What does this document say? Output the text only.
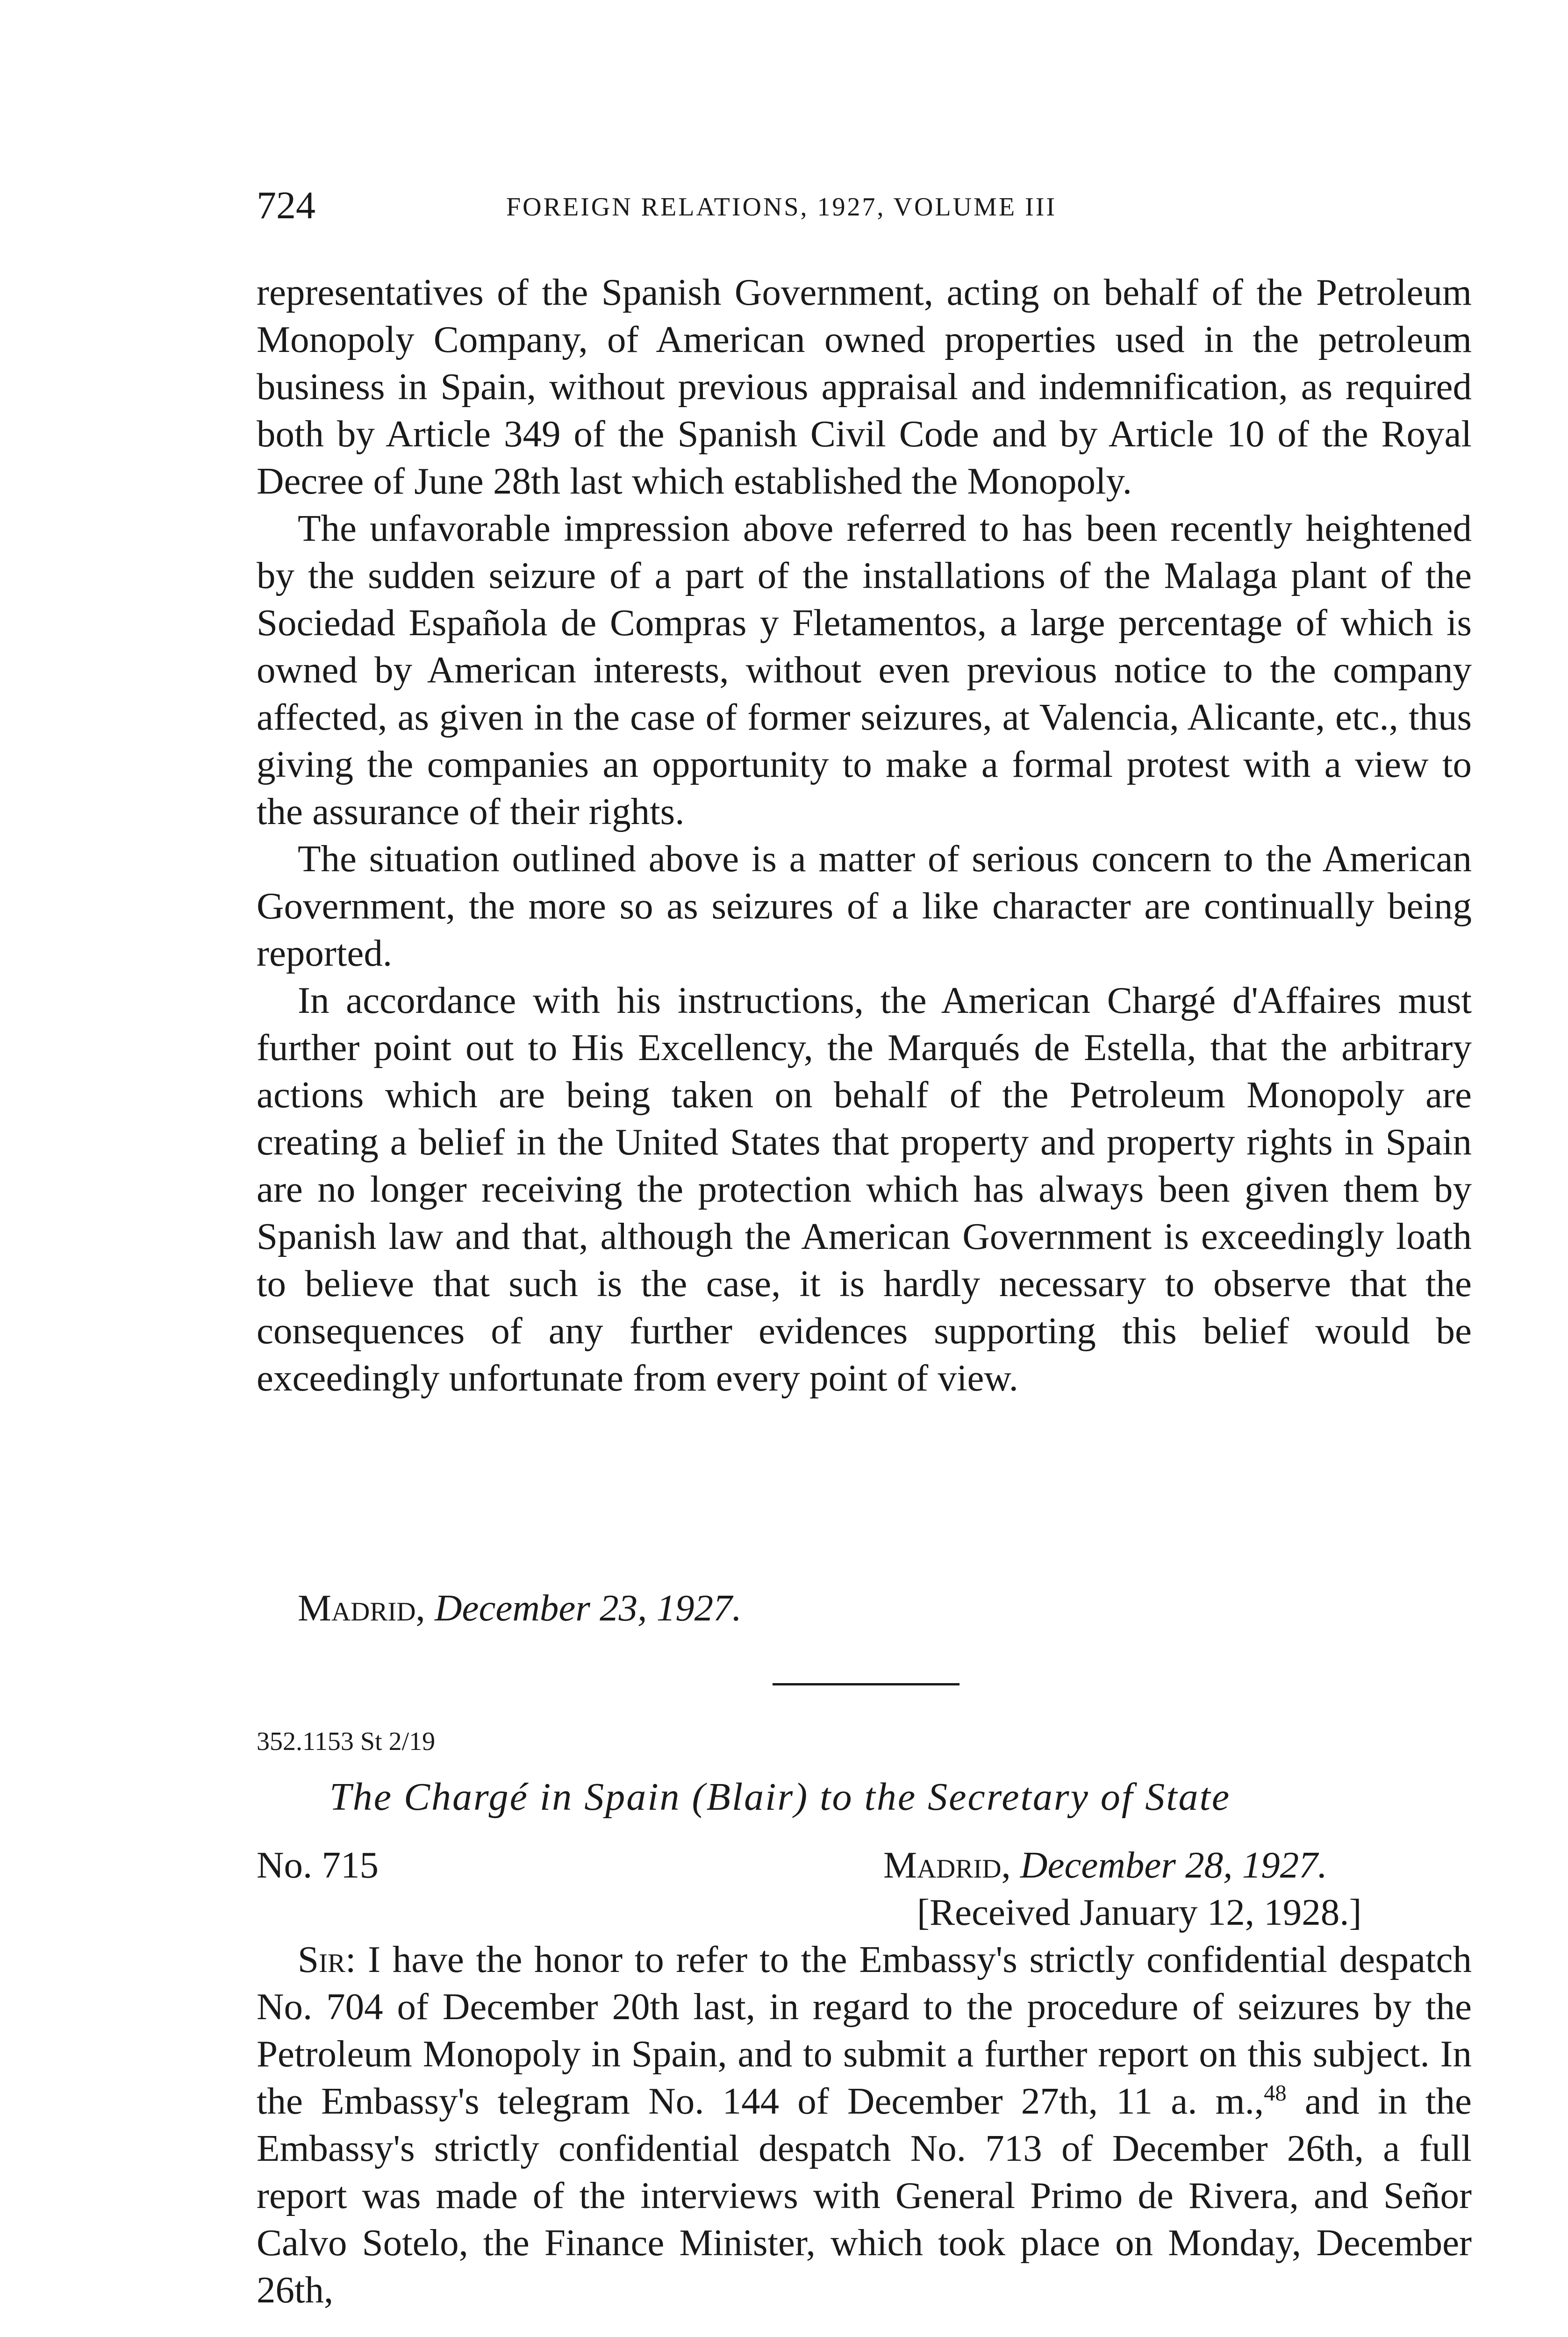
724	FOREIGN RELATIONS, 1927, VOLUME III

representatives of the Spanish Government, acting on behalf of the Petroleum Monopoly Company, of American owned properties used in the petroleum business in Spain, without previous appraisal and indemnification, as required both by Article 349 of the Spanish Civil Code and by Article 10 of the Royal Decree of June 28th last which established the Monopoly.

The unfavorable impression above referred to has been recently heightened by the sudden seizure of a part of the installations of the Malaga plant of the Sociedad Española de Compras y Fletamentos, a large percentage of which is owned by American interests, without even previous notice to the company affected, as given in the case of former seizures, at Valencia, Alicante, etc., thus giving the companies an opportunity to make a formal protest with a view to the assurance of their rights.

The situation outlined above is a matter of serious concern to the American Government, the more so as seizures of a like character are continually being reported.

In accordance with his instructions, the American Chargé d'Affaires must further point out to His Excellency, the Marqués de Estella, that the arbitrary actions which are being taken on behalf of the Petroleum Monopoly are creating a belief in the United States that property and property rights in Spain are no longer receiving the protection which has always been given them by Spanish law and that, although the American Government is exceedingly loath to believe that such is the case, it is hardly necessary to observe that the consequences of any further evidences supporting this belief would be exceedingly unfortunate from every point of view.

Madrid, December 23, 1927.
352.1153 St 2/19
The Chargé in Spain (Blair) to the Secretary of State
No. 715	Madrid, December 28, 1927.
[Received January 12, 1928.]

Sir: I have the honor to refer to the Embassy's strictly confidential despatch No. 704 of December 20th last, in regard to the procedure of seizures by the Petroleum Monopoly in Spain, and to submit a further report on this subject. In the Embassy's telegram No. 144 of December 27th, 11 a. m.,$^{48}$ and in the Embassy's strictly confidential despatch No. 713 of December 26th, a full report was made of the interviews with General Primo de Rivera, and Señor Calvo Sotelo, the Finance Minister, which took place on Monday, December 26th,
